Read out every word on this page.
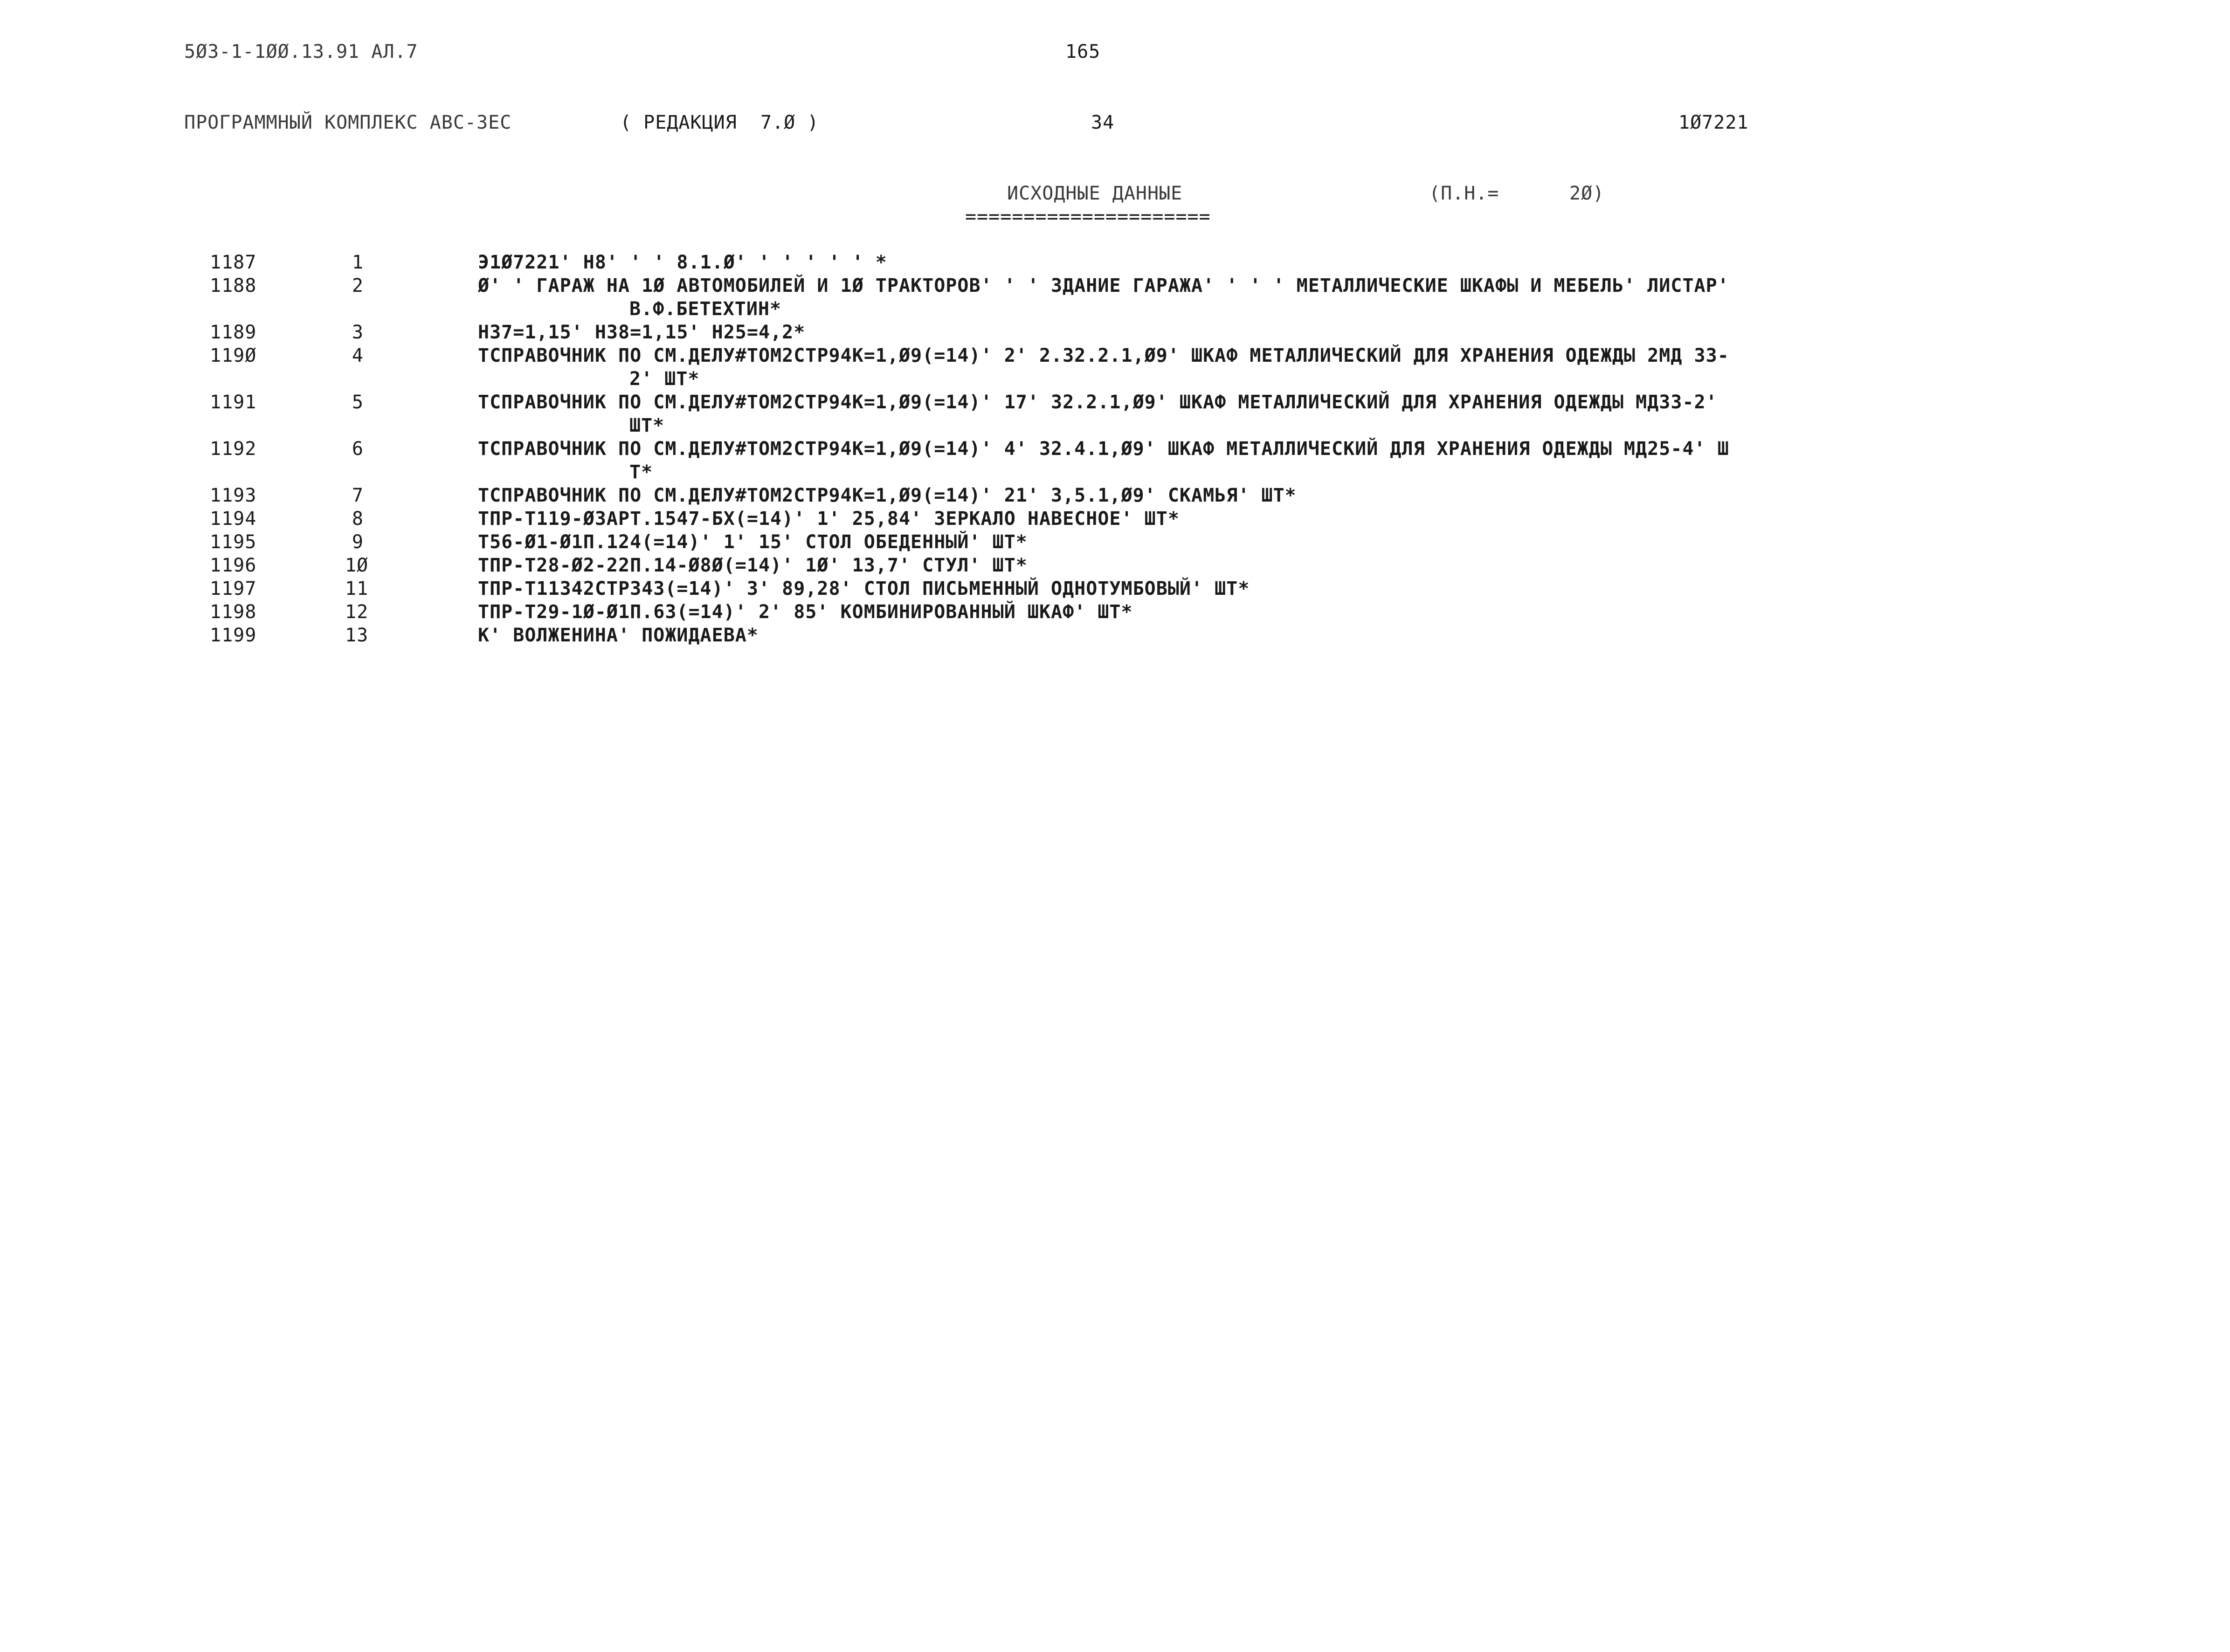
5Ø3-1-1ØØ.13.91 АЛ.7	165
ПРОГРАММНЫЙ КОМПЛЕКС АВС-3ЕС	( РЕДАКЦИЯ  7.Ø )	34	1Ø7221
ИСХОДНЫЕ ДАННЫЕ
=====================
(П.Н.=      2Ø)
1187	1	Э1Ø7221' Н8' ' ' 8.1.Ø' ' ' ' ' ' *
1188	2	Ø' ' ГАРАЖ НА 1Ø АВТОМОБИЛЕЙ И 1Ø ТРАКТОРОВ' ' ' ЗДАНИЕ ГАРАЖА' ' ' ' МЕТАЛЛИЧЕСКИЕ ШКАФЫ И МЕБЕЛЬ' ЛИСТАР'
В.Ф.БЕТЕХТИН*
1189	3	Н37=1,15' Н38=1,15' Н25=4,2*
119Ø	4	ТСПРАВОЧНИК ПО СМ.ДЕЛУ#ТОМ2СТР94К=1,Ø9(=14)' 2' 2.32.2.1,Ø9' ШКАФ МЕТАЛЛИЧЕСКИЙ ДЛЯ ХРАНЕНИЯ ОДЕЖДЫ 2МД 33-
2' ШТ*
1191	5	ТСПРАВОЧНИК ПО СМ.ДЕЛУ#ТОМ2СТР94К=1,Ø9(=14)' 17' 32.2.1,Ø9' ШКАФ МЕТАЛЛИЧЕСКИЙ ДЛЯ ХРАНЕНИЯ ОДЕЖДЫ МД33-2'
ШТ*
1192	6	ТСПРАВОЧНИК ПО СМ.ДЕЛУ#ТОМ2СТР94К=1,Ø9(=14)' 4' 32.4.1,Ø9' ШКАФ МЕТАЛЛИЧЕСКИЙ ДЛЯ ХРАНЕНИЯ ОДЕЖДЫ МД25-4' Ш
Т*
1193	7	ТСПРАВОЧНИК ПО СМ.ДЕЛУ#ТОМ2СТР94К=1,Ø9(=14)' 21' 3,5.1,Ø9' СКАМЬЯ' ШТ*
1194	8	ТПР-Т119-Ø3АРТ.1547-БХ(=14)' 1' 25,84' ЗЕРКАЛО НАВЕСНОЕ' ШТ*
1195	9	Т56-Ø1-Ø1П.124(=14)' 1' 15' СТОЛ ОБЕДЕННЫЙ' ШТ*
1196	1Ø	ТПР-Т28-Ø2-22П.14-Ø8Ø(=14)' 1Ø' 13,7' СТУЛ' ШТ*
1197	11	ТПР-Т11342СТР343(=14)' 3' 89,28' СТОЛ ПИСЬМЕННЫЙ ОДНОТУМБОВЫЙ' ШТ*
1198	12	ТПР-Т29-1Ø-Ø1П.63(=14)' 2' 85' КОМБИНИРОВАННЫЙ ШКАФ' ШТ*
1199	13	К' ВОЛЖЕНИНА' ПОЖИДАЕВА*
